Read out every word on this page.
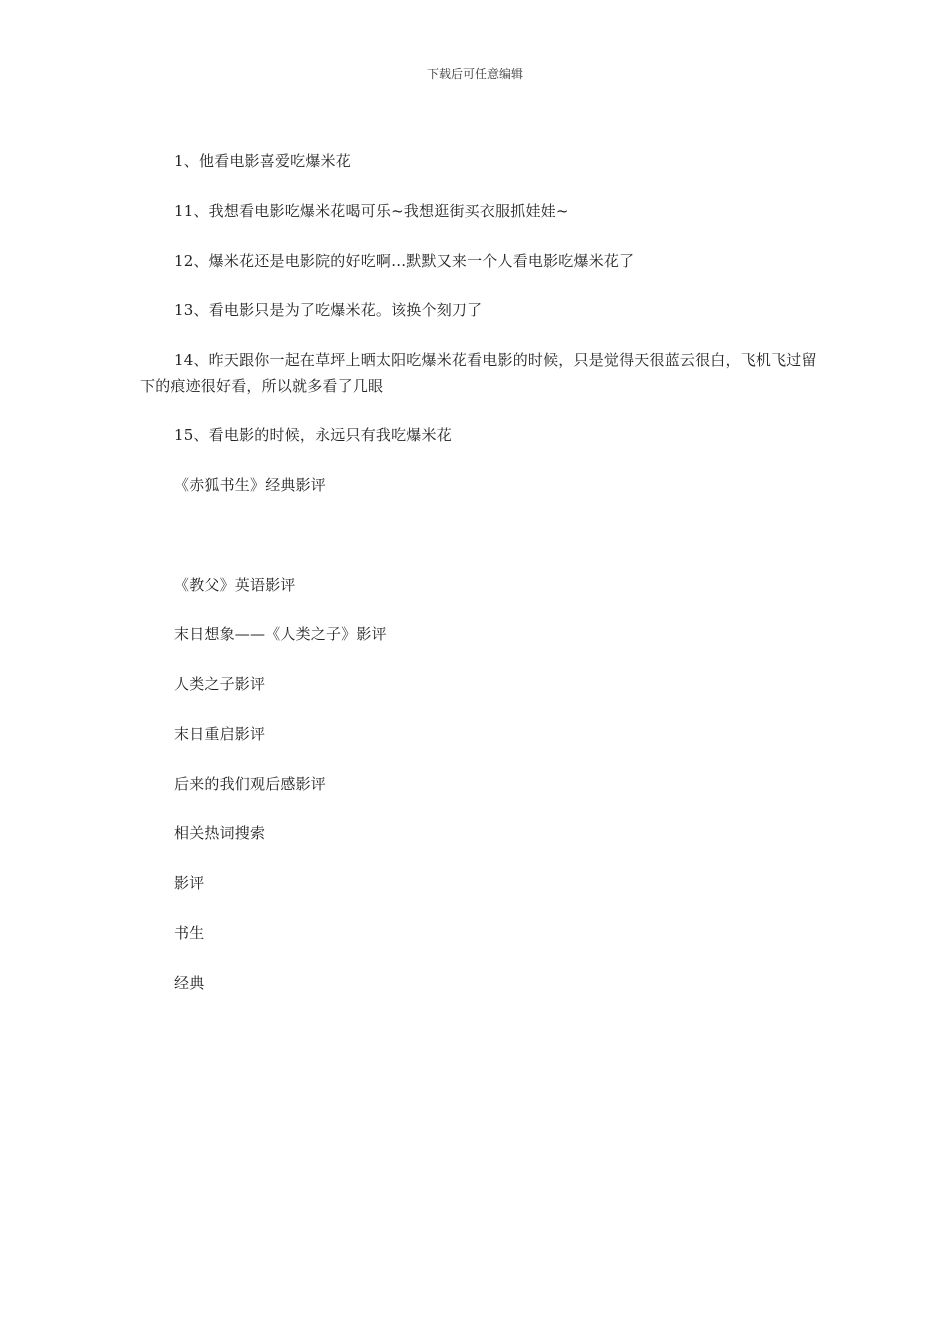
下载后可任意编辑

1、他看电影喜爱吃爆米花

11、我想看电影吃爆米花喝可乐~我想逛街买衣服抓娃娃~

12、爆米花还是电影院的好吃啊…默默又来一个人看电影吃爆米花了

13、看电影只是为了吃爆米花。该换个刻刀了

14、昨天跟你一起在草坪上晒太阳吃爆米花看电影的时候，只是觉得天很蓝云很白，飞机飞过留下的痕迹很好看，所以就多看了几眼

15、看电影的时候，永远只有我吃爆米花

《赤狐书生》经典影评

《教父》英语影评

末日想象——《人类之子》影评

人类之子影评

末日重启影评

后来的我们观后感影评

相关热词搜索

影评

书生

经典
